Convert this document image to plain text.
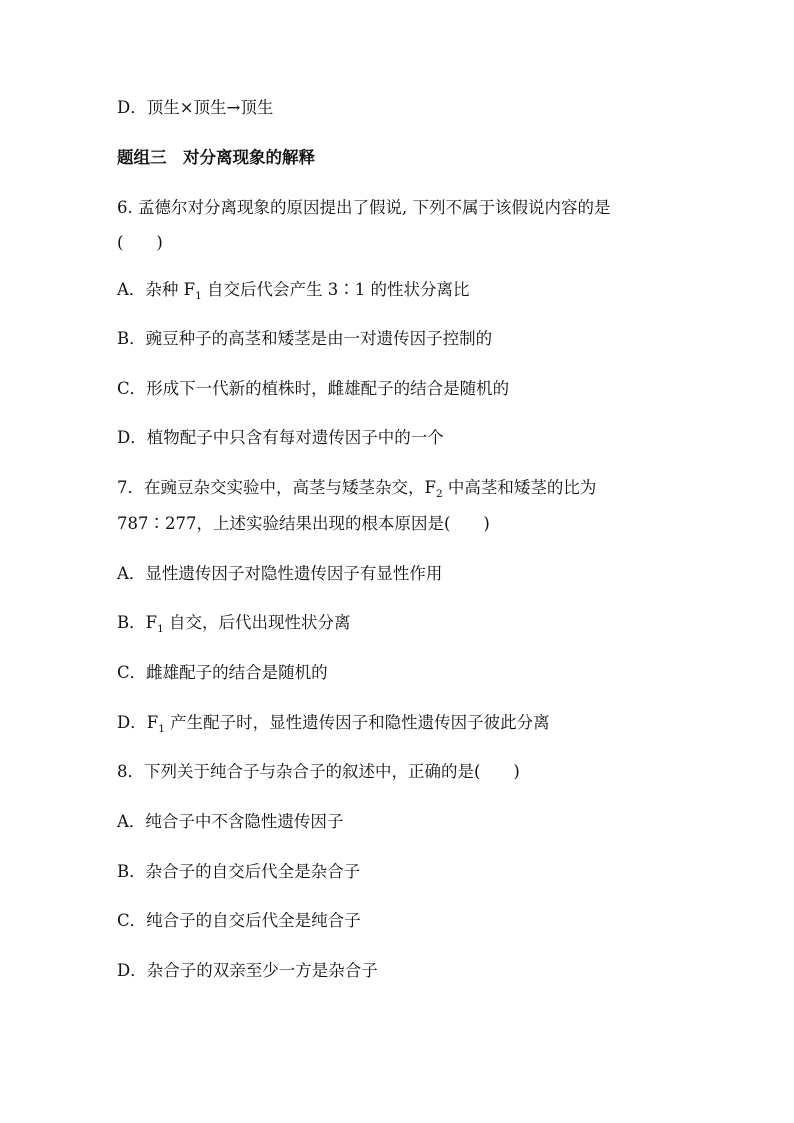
D．顶生×顶生→顶生
题组三　对分离现象的解释
6. 孟德尔对分离现象的原因提出了假说, 下列不属于该假说内容的是
(　　)
A．杂种 $F_1$ 自交后代会产生 3∶1 的性状分离比
B．豌豆种子的高茎和矮茎是由一对遗传因子控制的
C．形成下一代新的植株时，雌雄配子的结合是随机的
D．植物配子中只含有每对遗传因子中的一个
7．在豌豆杂交实验中，高茎与矮茎杂交，$F_2$ 中高茎和矮茎的比为
787∶277，上述实验结果出现的根本原因是(　　)
A．显性遗传因子对隐性遗传因子有显性作用
B．$F_1$ 自交，后代出现性状分离
C．雌雄配子的结合是随机的
D．$F_1$ 产生配子时，显性遗传因子和隐性遗传因子彼此分离
8．下列关于纯合子与杂合子的叙述中，正确的是(　　)
A．纯合子中不含隐性遗传因子
B．杂合子的自交后代全是杂合子
C．纯合子的自交后代全是纯合子
D．杂合子的双亲至少一方是杂合子
